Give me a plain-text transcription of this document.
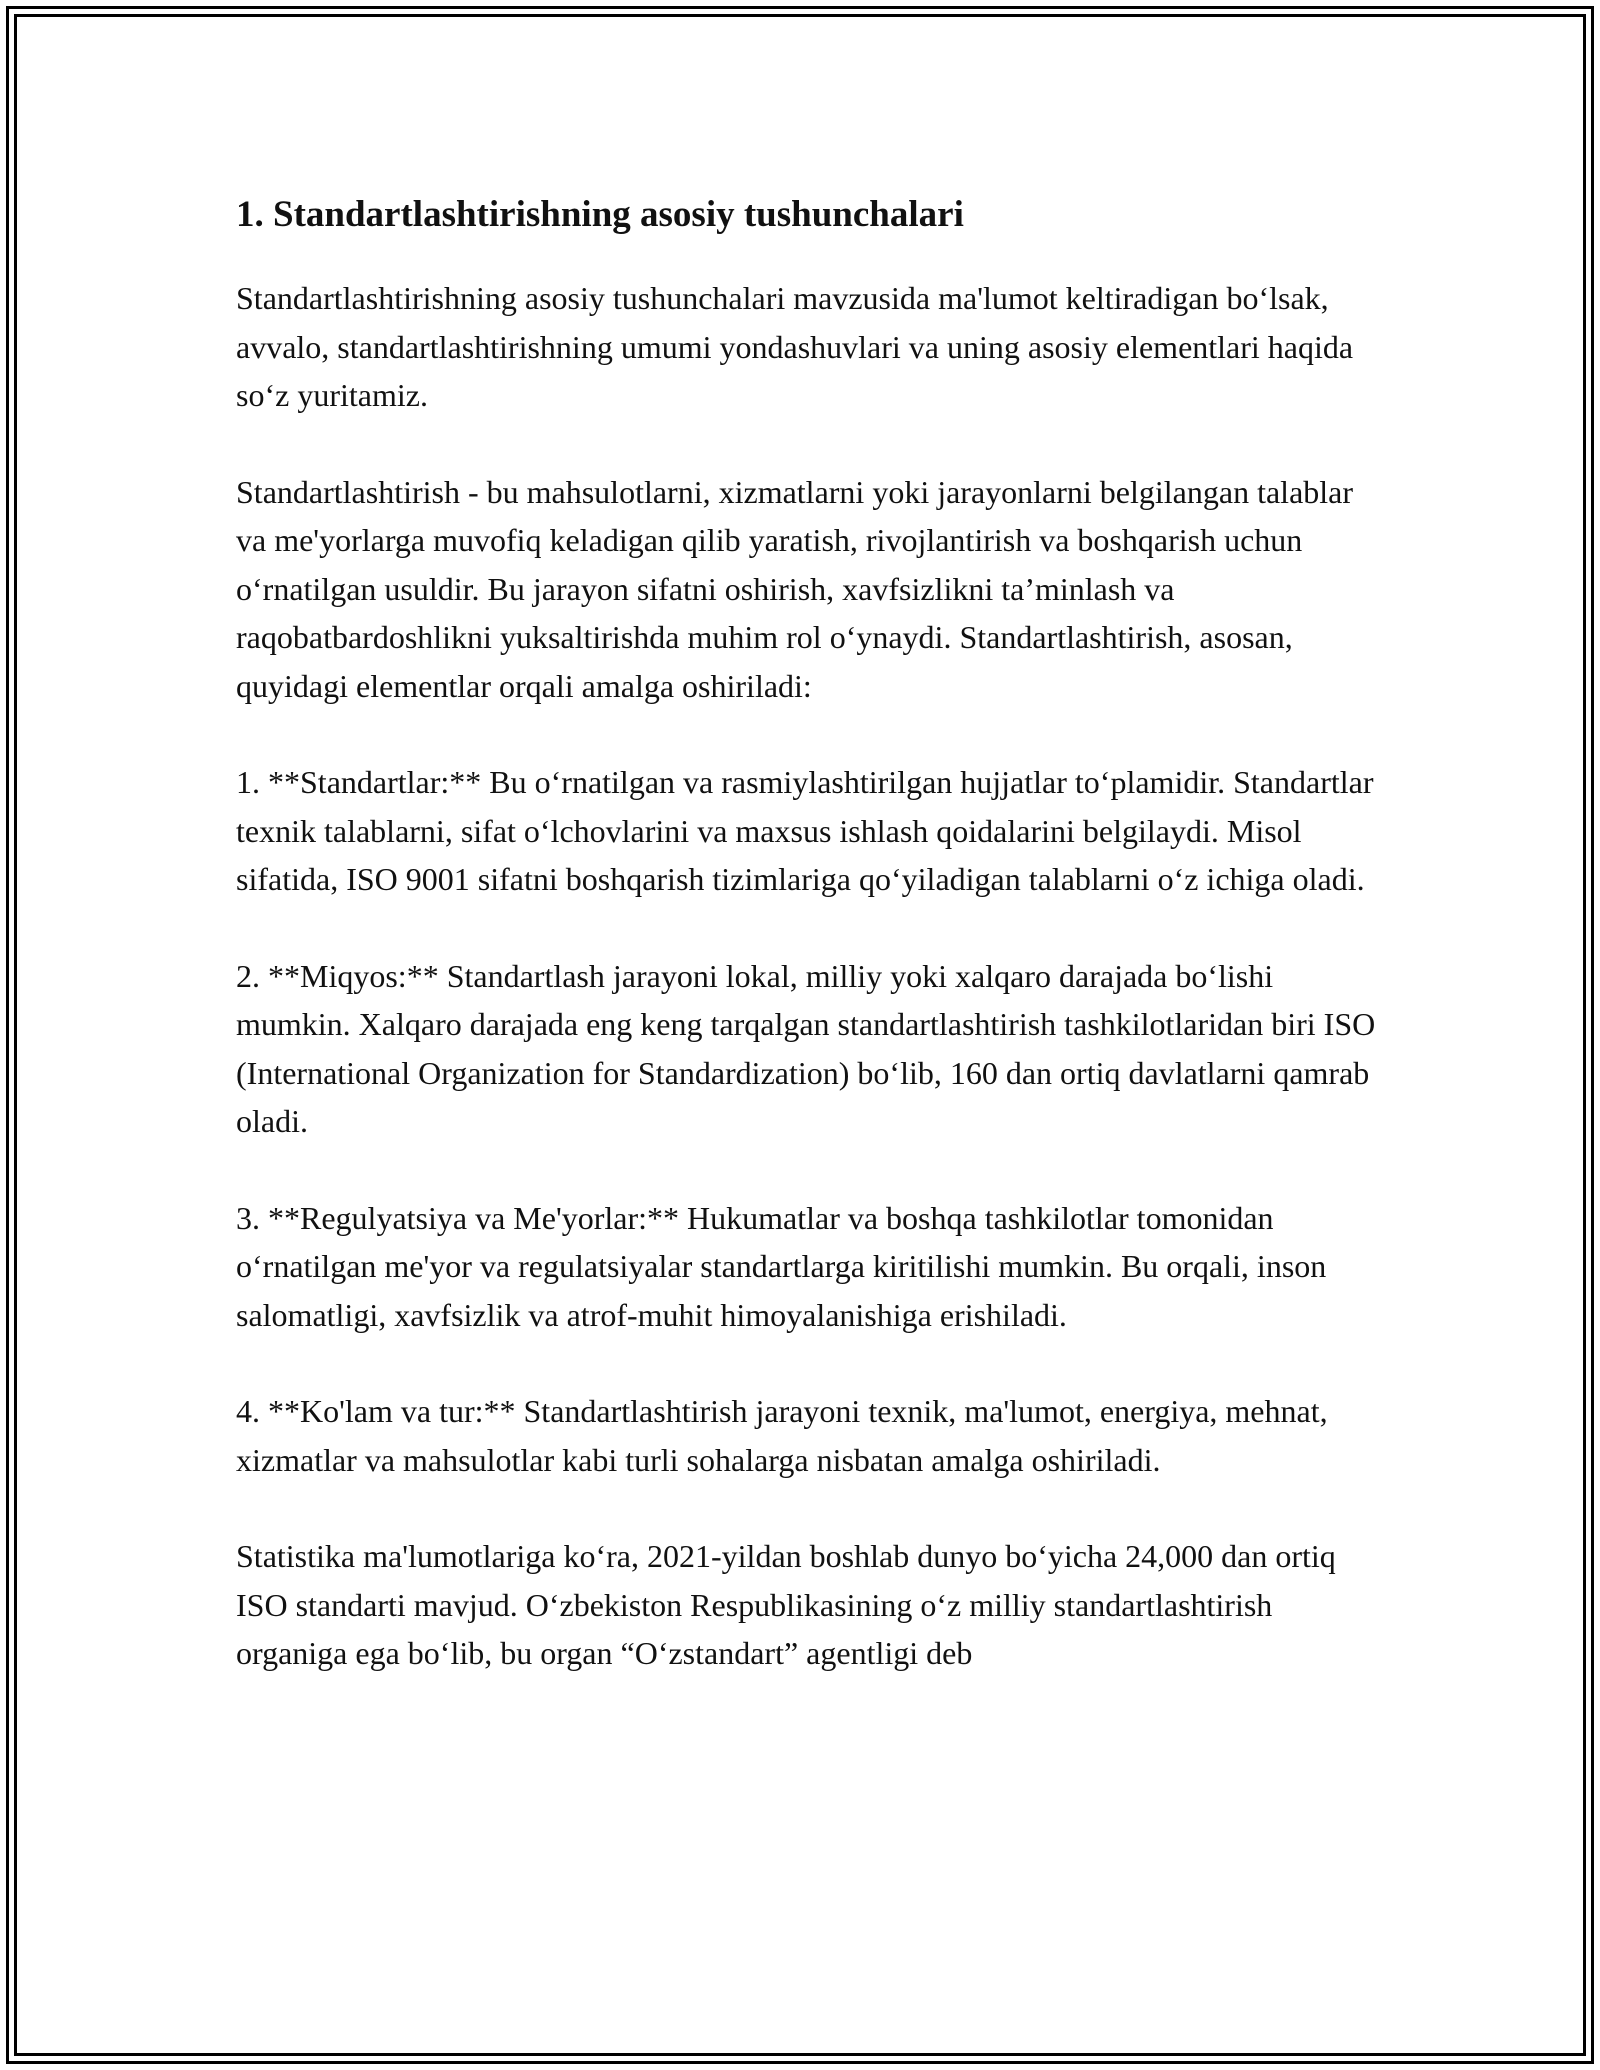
1. Standartlashtirishning asosiy tushunchalari

Standartlashtirishning asosiy tushunchalari mavzusida ma'lumot keltiradigan bo‘lsak, avvalo, standartlashtirishning umumi yondashuvlari va uning asosiy elementlari haqida so‘z yuritamiz.

Standartlashtirish - bu mahsulotlarni, xizmatlarni yoki jarayonlarni belgilangan talablar va me'yorlarga muvofiq keladigan qilib yaratish, rivojlantirish va boshqarish uchun o‘rnatilgan usuldir. Bu jarayon sifatni oshirish, xavfsizlikni ta’minlash va raqobatbardoshlikni yuksaltirishda muhim rol o‘ynaydi. Standartlashtirish, asosan, quyidagi elementlar orqali amalga oshiriladi:

1. **Standartlar:** Bu o‘rnatilgan va rasmiylashtirilgan hujjatlar to‘plamidir. Standartlar texnik talablarni, sifat o‘lchovlarini va maxsus ishlash qoidalarini belgilaydi. Misol sifatida, ISO 9001 sifatni boshqarish tizimlariga qo‘yiladigan talablarni o‘z ichiga oladi.

2. **Miqyos:** Standartlash jarayoni lokal, milliy yoki xalqaro darajada bo‘lishi mumkin. Xalqaro darajada eng keng tarqalgan standartlashtirish tashkilotlaridan biri ISO (International Organization for Standardization) bo‘lib, 160 dan ortiq davlatlarni qamrab oladi.

3. **Regulyatsiya va Me'yorlar:** Hukumatlar va boshqa tashkilotlar tomonidan o‘rnatilgan me'yor va regulatsiyalar standartlarga kiritilishi mumkin. Bu orqali, inson salomatligi, xavfsizlik va atrof-muhit himoyalanishiga erishiladi.

4. **Ko'lam va tur:** Standartlashtirish jarayoni texnik, ma'lumot, energiya, mehnat, xizmatlar va mahsulotlar kabi turli sohalarga nisbatan amalga oshiriladi.

Statistika ma'lumotlariga ko‘ra, 2021-yildan boshlab dunyo bo‘yicha 24,000 dan ortiq ISO standarti mavjud. O‘zbekiston Respublikasining o‘z milliy standartlashtirish organiga ega bo‘lib, bu organ “O‘zstandart” agentligi deb
